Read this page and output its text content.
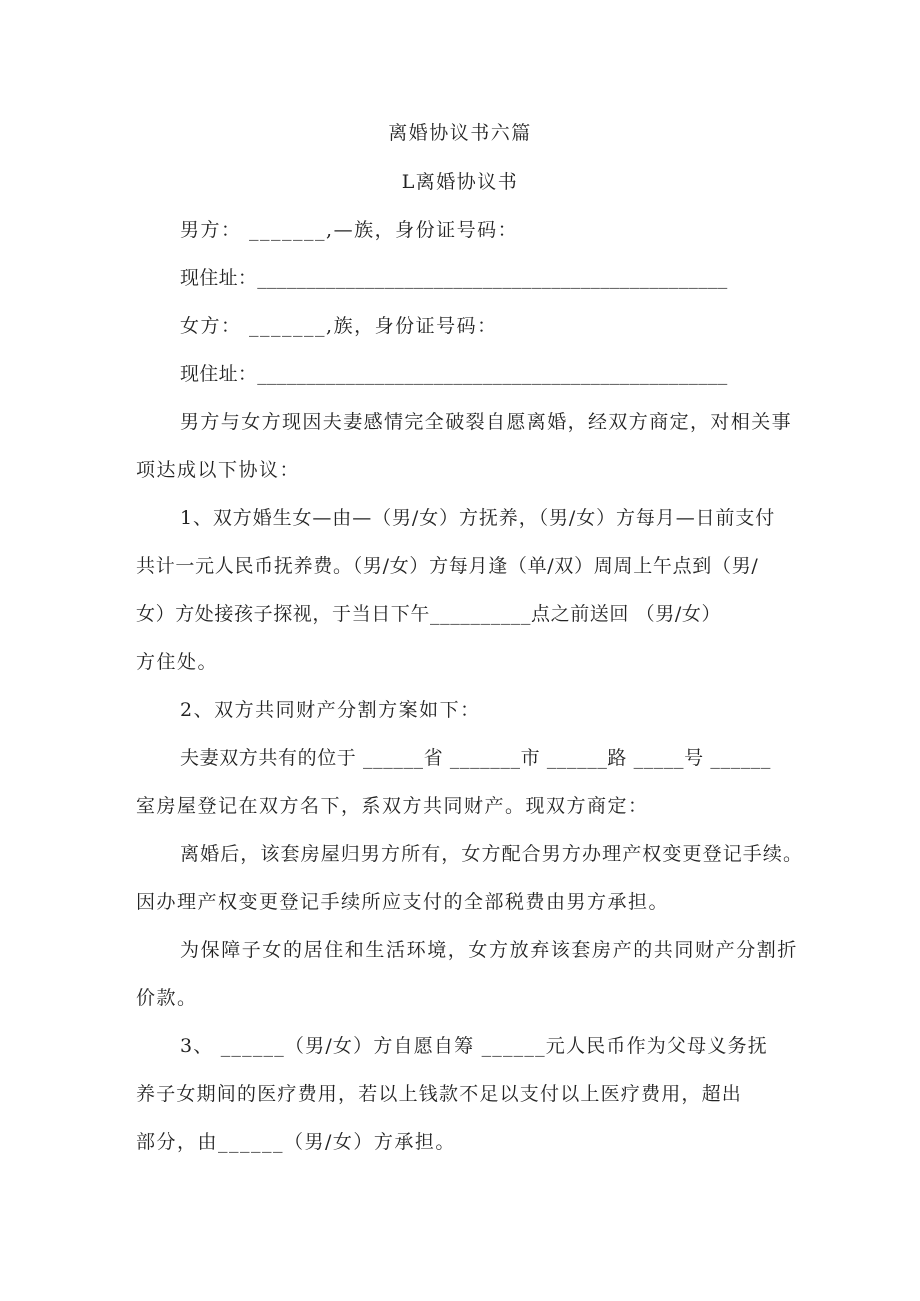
离婚协议书六篇
L离婚协议书
男方： _______,—族，身份证号码：
现住址：________________________________________________
女方： _______,族，身份证号码：
现住址：________________________________________________
男方与女方现因夫妻感情完全破裂自愿离婚，经双方商定，对相关事
项达成以下协议：
1、双方婚生女—由—（男/女）方抚养，（男/女）方每月—日前支付
共计一元人民币抚养费。（男/女）方每月逢（单/双）周周上午点到（男/
女）方处接孩子探视，于当日下午__________点之前送回 （男/女）
方住处。
2、双方共同财产分割方案如下：
夫妻双方共有的位于 ______省 _______市 ______路 _____号 ______
室房屋登记在双方名下，系双方共同财产。现双方商定：
离婚后，该套房屋归男方所有，女方配合男方办理产权变更登记手续。
因办理产权变更登记手续所应支付的全部税费由男方承担。
为保障子女的居住和生活环境，女方放弃该套房产的共同财产分割折
价款。
3、 ______（男/女）方自愿自筹 ______元人民币作为父母义务抚
养子女期间的医疗费用，若以上钱款不足以支付以上医疗费用，超出
部分，由______（男/女）方承担。
